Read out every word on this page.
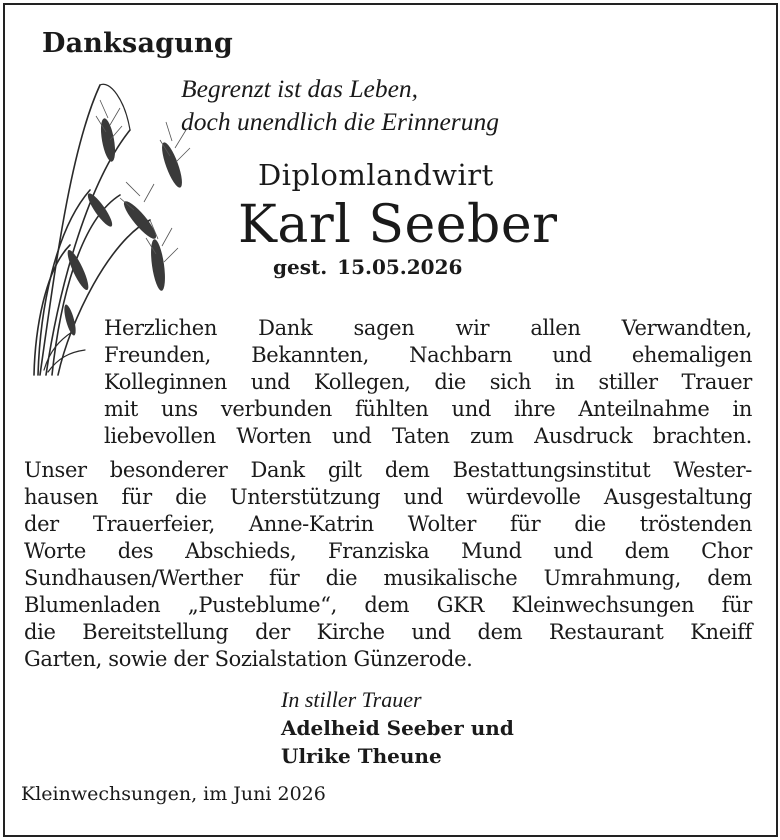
Danksagung
Begrenzt ist das Leben,
doch unendlich die Erinnerung
Diplomlandwirt
Karl Seeber
gest. 15.05.2026
Herzlichen Dank sagen wir allen Verwandten,
Freunden, Bekannten, Nachbarn und ehemaligen
Kolleginnen und Kollegen, die sich in stiller Trauer
mit uns verbunden fühlten und ihre Anteilnahme in
liebevollen Worten und Taten zum Ausdruck brachten.
Unser besonderer Dank gilt dem Bestattungsinstitut Wester-
hausen für die Unterstützung und würdevolle Ausgestaltung
der Trauerfeier, Anne-Katrin Wolter für die tröstenden
Worte des Abschieds, Franziska Mund und dem Chor
Sundhausen/Werther für die musikalische Umrahmung, dem
Blumenladen „Pusteblume“, dem GKR Kleinwechsungen für
die Bereitstellung der Kirche und dem Restaurant Kneiff
Garten, sowie der Sozialstation Günzerode.
In stiller Trauer
Adelheid Seeber und
Ulrike Theune
Kleinwechsungen, im Juni 2026
